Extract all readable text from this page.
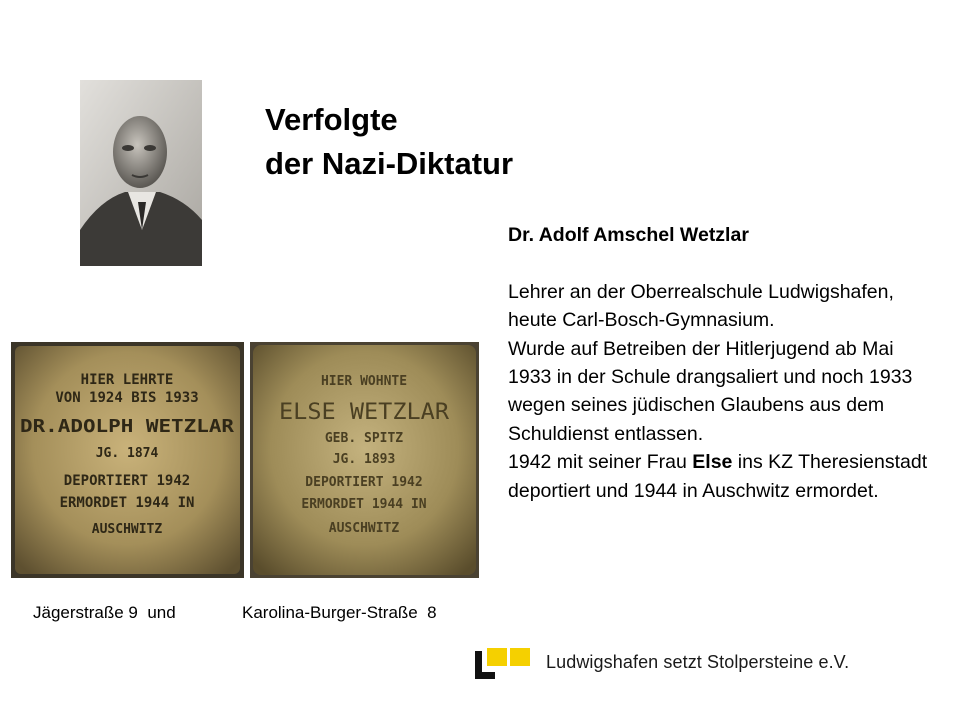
Verfolgte
der Nazi-Diktatur

Dr. Adolf Amschel Wetzlar

Lehrer an der Oberrealschule Ludwigshafen, heute Carl-Bosch-Gymnasium.

Wurde auf Betreiben der Hitlerjugend ab Mai 1933 in der Schule drangsaliert und noch 1933 wegen seines jüdischen Glaubens aus dem Schuldienst entlassen.

1942 mit seiner Frau Else ins KZ Theresienstadt deportiert und 1944 in Auschwitz ermordet.

HIER LEHRTE
VON 1924 BIS 1933
DR.ADOLPH WETZLAR
JG. 1874
DEPORTIERT 1942
ERMORDET 1944 IN
AUSCHWITZ
HIER WOHNTE
ELSE WETZLAR
GEB. SPITZ
JG. 1893
DEPORTIERT 1942
ERMORDET 1944 IN
AUSCHWITZ
Jägerstraße 9  und	Karolina-Burger-Straße  8
Ludwigshafen setzt Stolpersteine e.V.
